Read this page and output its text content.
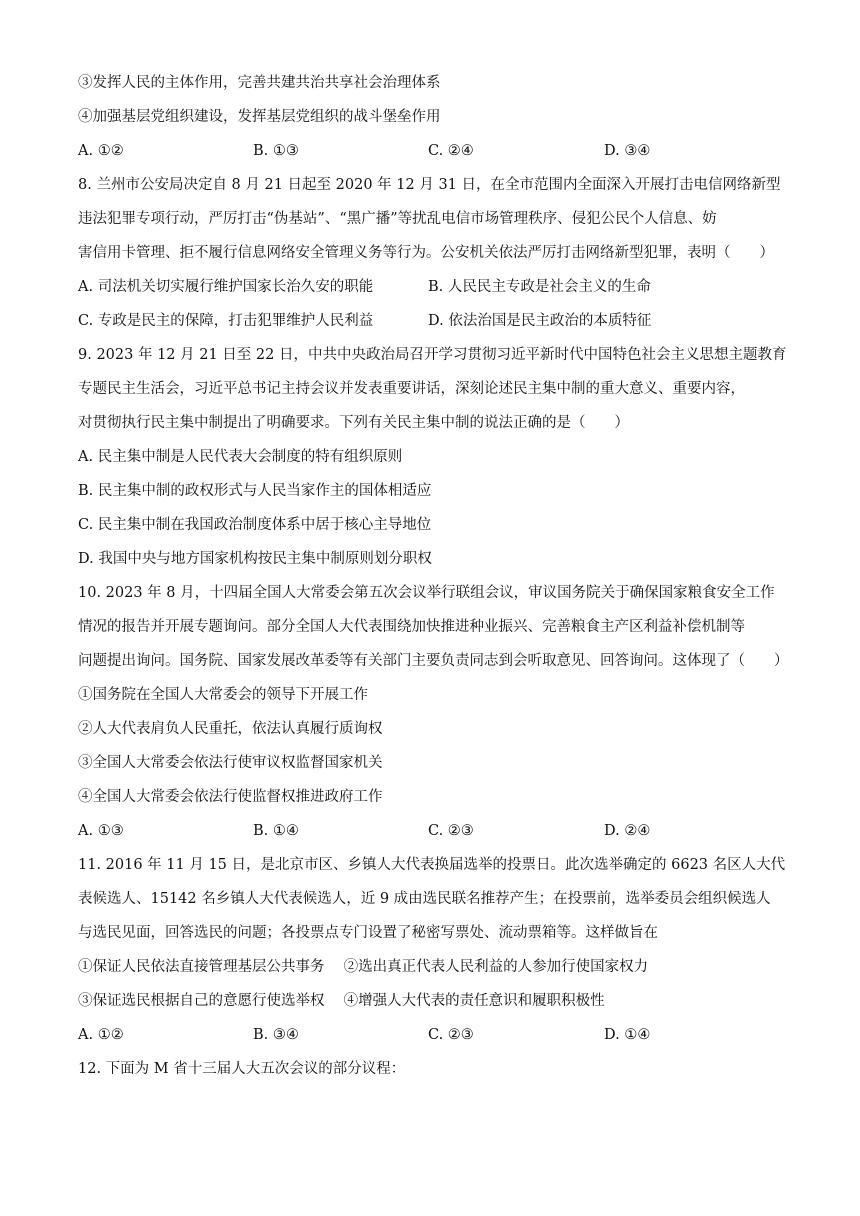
③发挥人民的主体作用，完善共建共治共享社会治理体系
④加强基层党组织建设，发挥基层党组织的战斗堡垒作用
A. ①②	B. ①③	C. ②④	D. ③④
8. 兰州市公安局决定自 8 月 21 日起至 2020 年 12 月 31 日，在全市范围内全面深入开展打击电信网络新型
违法犯罪专项行动，严厉打击“伪基站”、“黑广播”等扰乱电信市场管理秩序、侵犯公民个人信息、妨
害信用卡管理、拒不履行信息网络安全管理义务等行为。公安机关依法严厉打击网络新型犯罪，表明（　　）
A. 司法机关切实履行维护国家长治久安的职能	B. 人民民主专政是社会主义的生命
C. 专政是民主的保障，打击犯罪维护人民利益	D. 依法治国是民主政治的本质特征
9. 2023 年 12 月 21 日至 22 日，中共中央政治局召开学习贯彻习近平新时代中国特色社会主义思想主题教育
专题民主生活会，习近平总书记主持会议并发表重要讲话，深刻论述民主集中制的重大意义、重要内容，
对贯彻执行民主集中制提出了明确要求。下列有关民主集中制的说法正确的是（　　）
A. 民主集中制是人民代表大会制度的特有组织原则
B. 民主集中制的政权形式与人民当家作主的国体相适应
C. 民主集中制在我国政治制度体系中居于核心主导地位
D. 我国中央与地方国家机构按民主集中制原则划分职权
10. 2023 年 8 月，十四届全国人大常委会第五次会议举行联组会议，审议国务院关于确保国家粮食安全工作
情况的报告并开展专题询问。部分全国人大代表围绕加快推进种业振兴、完善粮食主产区利益补偿机制等
问题提出询问。国务院、国家发展改革委等有关部门主要负责同志到会听取意见、回答询问。这体现了（　　）
①国务院在全国人大常委会的领导下开展工作
②人大代表肩负人民重托，依法认真履行质询权
③全国人大常委会依法行使审议权监督国家机关
④全国人大常委会依法行使监督权推进政府工作
A. ①③	B. ①④	C. ②③	D. ②④
11. 2016 年 11 月 15 日，是北京市区、乡镇人大代表换届选举的投票日。此次选举确定的 6623 名区人大代
表候选人、15142 名乡镇人大代表候选人，近 9 成由选民联名推荐产生；在投票前，选举委员会组织候选人
与选民见面，回答选民的问题；各投票点专门设置了秘密写票处、流动票箱等。这样做旨在
①保证人民依法直接管理基层公共事务　 ②选出真正代表人民利益的人参加行使国家权力
③保证选民根据自己的意愿行使选举权　 ④增强人大代表的责任意识和履职积极性
A. ①②	B. ③④	C. ②③	D. ①④
12. 下面为 M 省十三届人大五次会议的部分议程：
